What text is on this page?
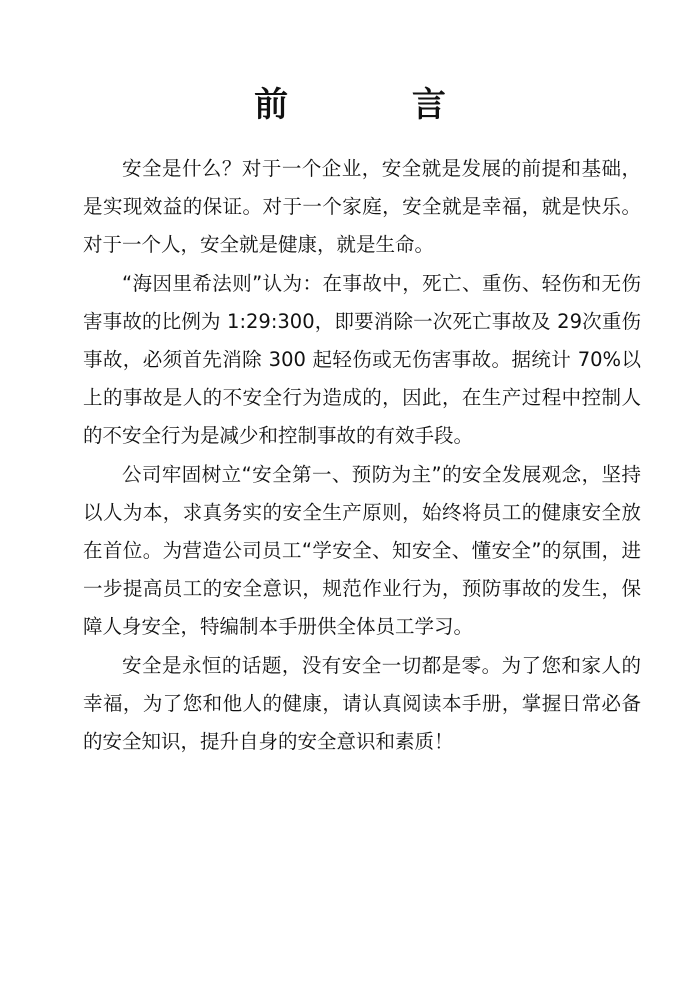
前 言

安全是什么？对于一个企业，安全就是发展的前提和基础，是实现效益的保证。对于一个家庭，安全就是幸福，就是快乐。对于一个人，安全就是健康，就是生命。

“海因里希法则”认为：在事故中，死亡、重伤、轻伤和无伤害事故的比例为 1:29:300，即要消除一次死亡事故及 29次重伤事故，必须首先消除 300 起轻伤或无伤害事故。据统计 70%以上的事故是人的不安全行为造成的，因此，在生产过程中控制人的不安全行为是减少和控制事故的有效手段。

公司牢固树立“安全第一、预防为主”的安全发展观念，坚持以人为本，求真务实的安全生产原则，始终将员工的健康安全放在首位。为营造公司员工“学安全、知安全、懂安全”的氛围，进一步提高员工的安全意识，规范作业行为，预防事故的发生，保障人身安全，特编制本手册供全体员工学习。

安全是永恒的话题，没有安全一切都是零。为了您和家人的幸福，为了您和他人的健康，请认真阅读本手册，掌握日常必备的安全知识，提升自身的安全意识和素质！
